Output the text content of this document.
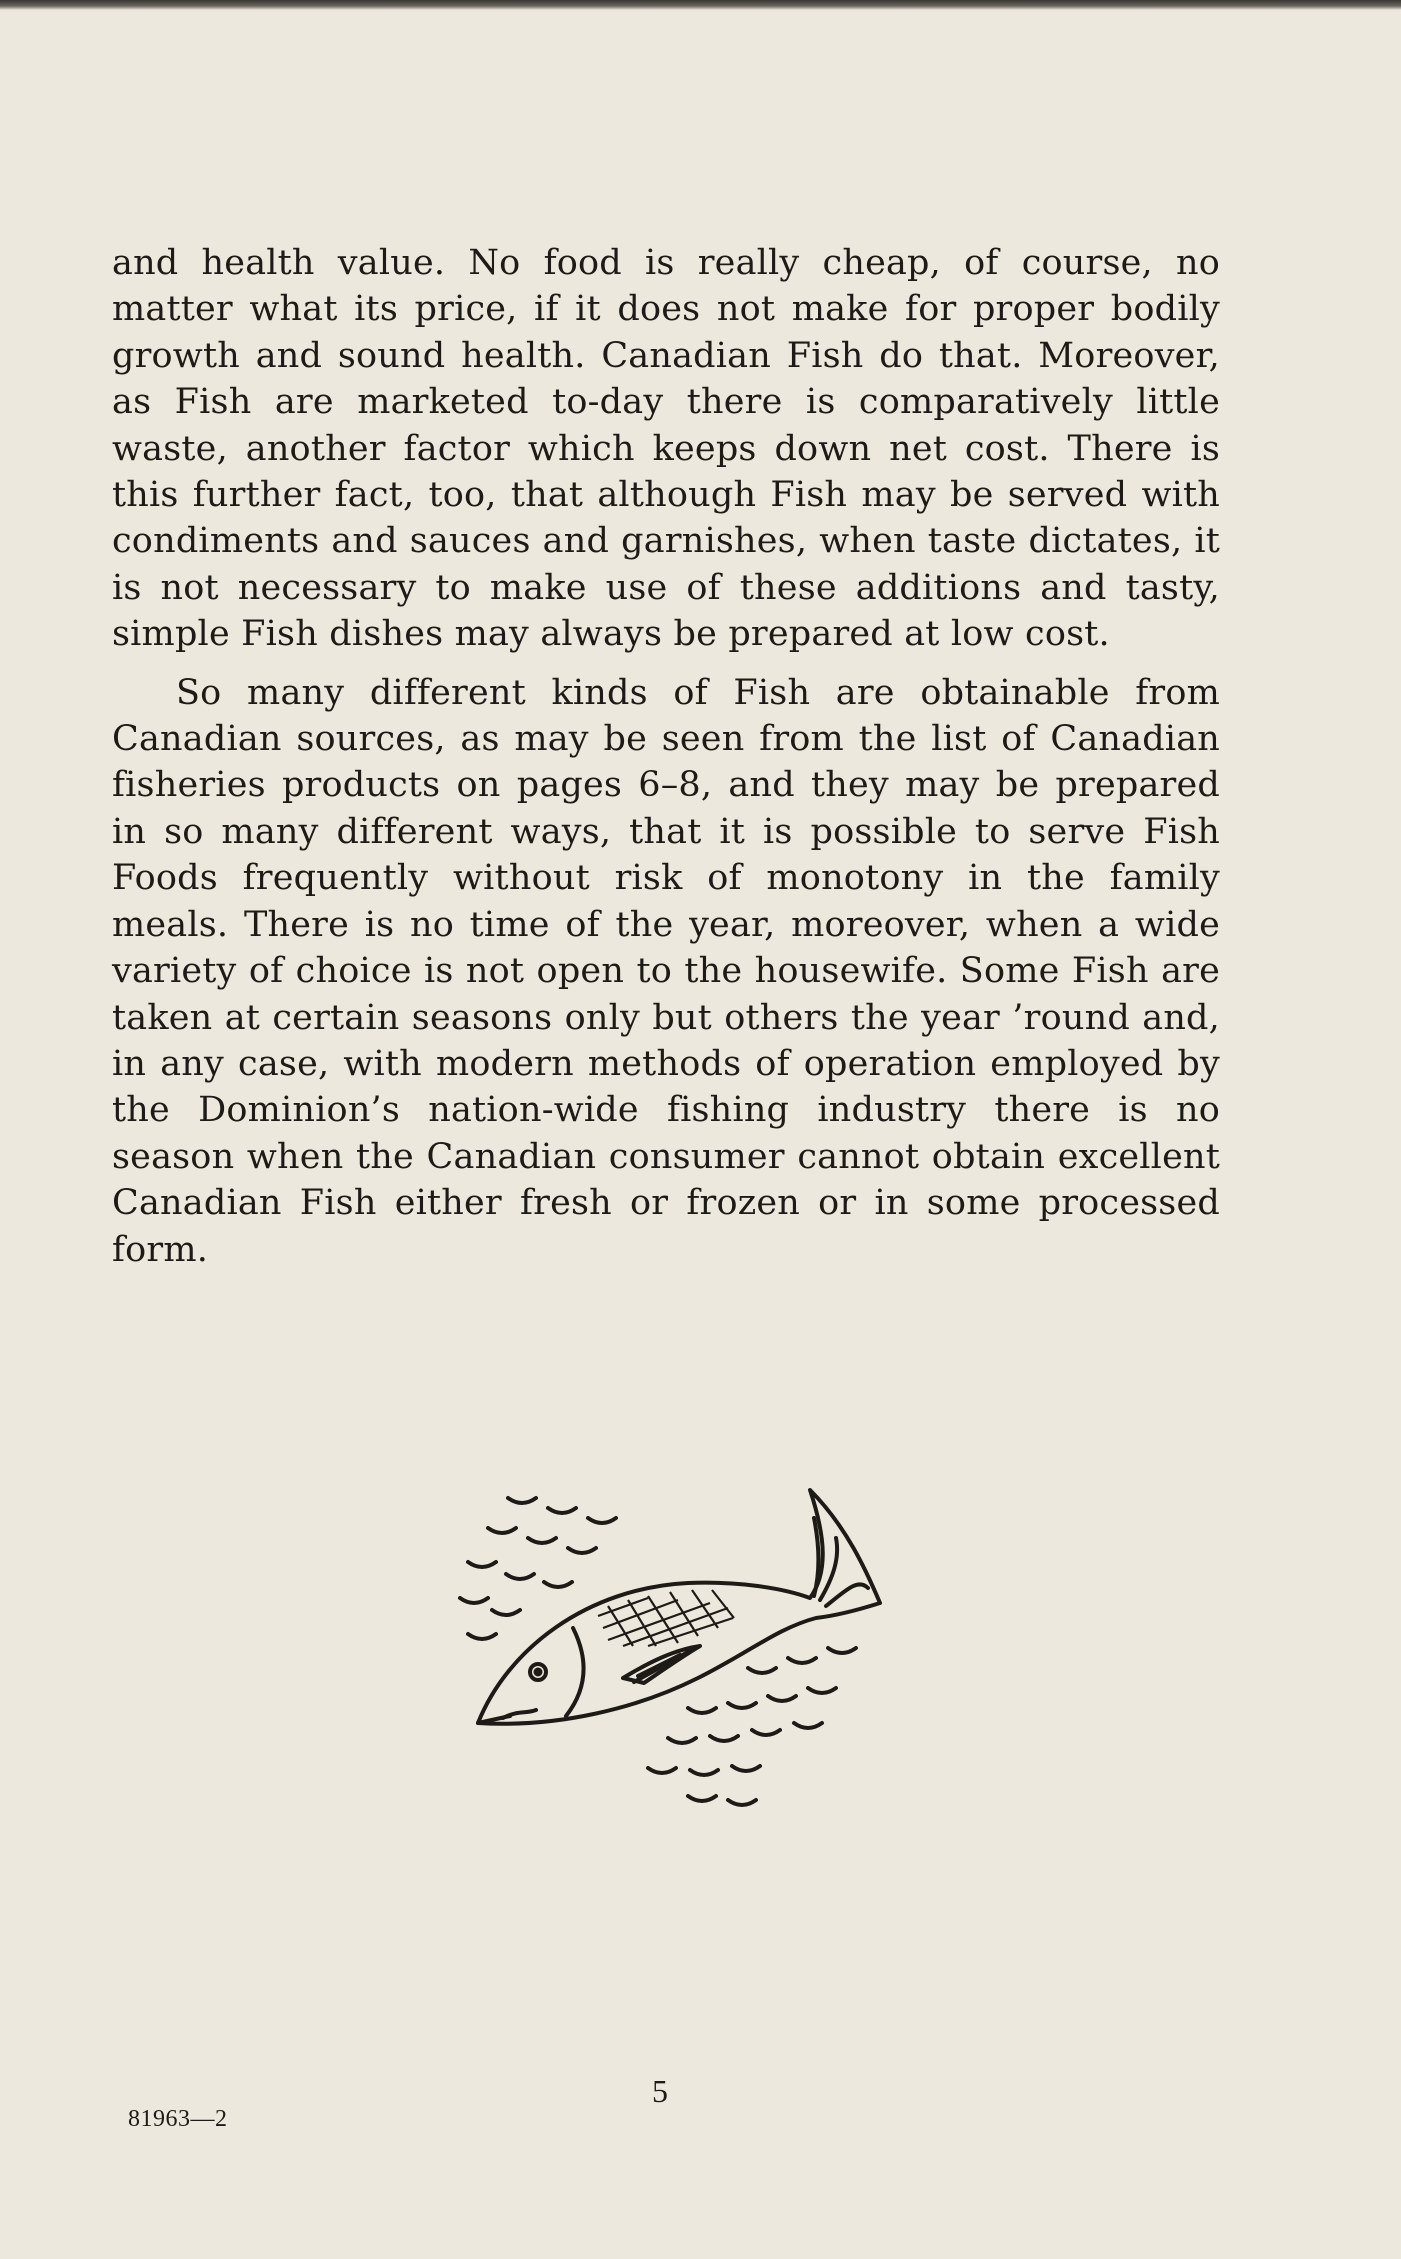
and health value. No food is really cheap, of course, no matter what its price, if it does not make for proper bodily growth and sound health. Canadian Fish do that. Moreover, as Fish are marketed to-day there is comparatively little waste, another factor which keeps down net cost. There is this further fact, too, that although Fish may be served with condiments and sauces and garnishes, when taste dictates, it is not necessary to make use of these additions and tasty, simple Fish dishes may always be prepared at low cost.

So many different kinds of Fish are obtainable from Canadian sources, as may be seen from the list of Canadian fisheries products on pages 6–8, and they may be prepared in so many different ways, that it is possible to serve Fish Foods frequently without risk of monotony in the family meals. There is no time of the year, moreover, when a wide variety of choice is not open to the housewife. Some Fish are taken at certain seasons only but others the year ’round and, in any case, with modern methods of operation employed by the Dominion’s nation-wide fishing industry there is no season when the Canadian consumer cannot obtain excellent Canadian Fish either fresh or frozen or in some processed form.

5
81963—2
